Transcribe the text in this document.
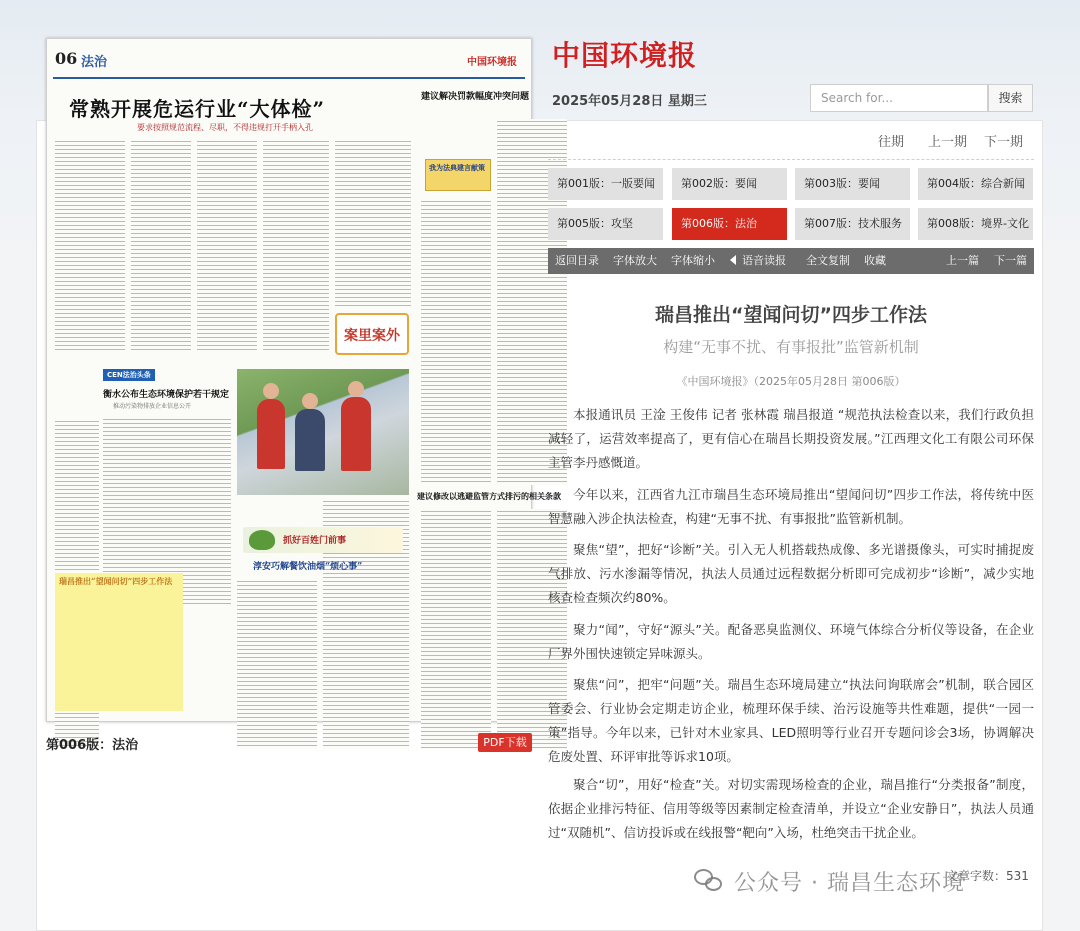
06 法治	中国环境报
常熟开展危运行业“大体检”
要求按照规范流程、尽职，不得违规打开手柄入孔
建议解决罚款幅度冲突问题
我为法典建言献策
案里案外
CEN法治头条
衡水公布生态环境保护若干规定
推动污染物排放企业信息公开
抓好百姓门前事
淳安巧解餐饮油烟“烦心事”
建议修改以逃避监管方式排污的相关条款
瑞昌推出“望闻问切”四步工作法
第006版：法治	PDF下载
中国环境报
2025年05月28日 星期三
Search for...	搜索
往期 上一期 下一期
第001版：一版要闻	第002版：要闻	第003版：要闻	第004版：综合新闻
第005版：攻坚	第006版：法治	第007版：技术服务	第008版：境界-文化
返回目录 字体放大 字体缩小	语音读报 全文复制 收藏	上一篇 下一篇
瑞昌推出“望闻问切”四步工作法
构建“无事不扰、有事报批”监管新机制
《中国环境报》（2025年05月28日 第006版）

本报通讯员 王淦 王俊伟 记者 张林霞 瑞昌报道 “规范执法检查以来，我们行政负担减轻了，运营效率提高了，更有信心在瑞昌长期投资发展。”江西理文化工有限公司环保主管李丹感慨道。

今年以来，江西省九江市瑞昌生态环境局推出“望闻问切”四步工作法，将传统中医智慧融入涉企执法检查，构建“无事不扰、有事报批”监管新机制。

聚焦“望”，把好“诊断”关。引入无人机搭载热成像、多光谱摄像头，可实时捕捉废气排放、污水渗漏等情况，执法人员通过远程数据分析即可完成初步“诊断”，减少实地核查检查频次约80%。

聚力“闻”，守好“源头”关。配备恶臭监测仪、环境气体综合分析仪等设备，在企业厂界外围快速锁定异味源头。

聚焦“问”，把牢“问题”关。瑞昌生态环境局建立“执法问询联席会”机制，联合园区管委会、行业协会定期走访企业，梳理环保手续、治污设施等共性难题，提供“一园一策”指导。今年以来，已针对木业家具、LED照明等行业召开专题问诊会3场，协调解决危废处置、环评审批等诉求10项。

聚合“切”，用好“检查”关。对切实需现场检查的企业，瑞昌推行“分类报备”制度，依据企业排污特征、信用等级等因素制定检查清单，并设立“企业安静日”，执法人员通过“双随机”、信访投诉或在线报警“靶向”入场，杜绝突击干扰企业。

文章字数：531
公众号 · 瑞昌生态环境
